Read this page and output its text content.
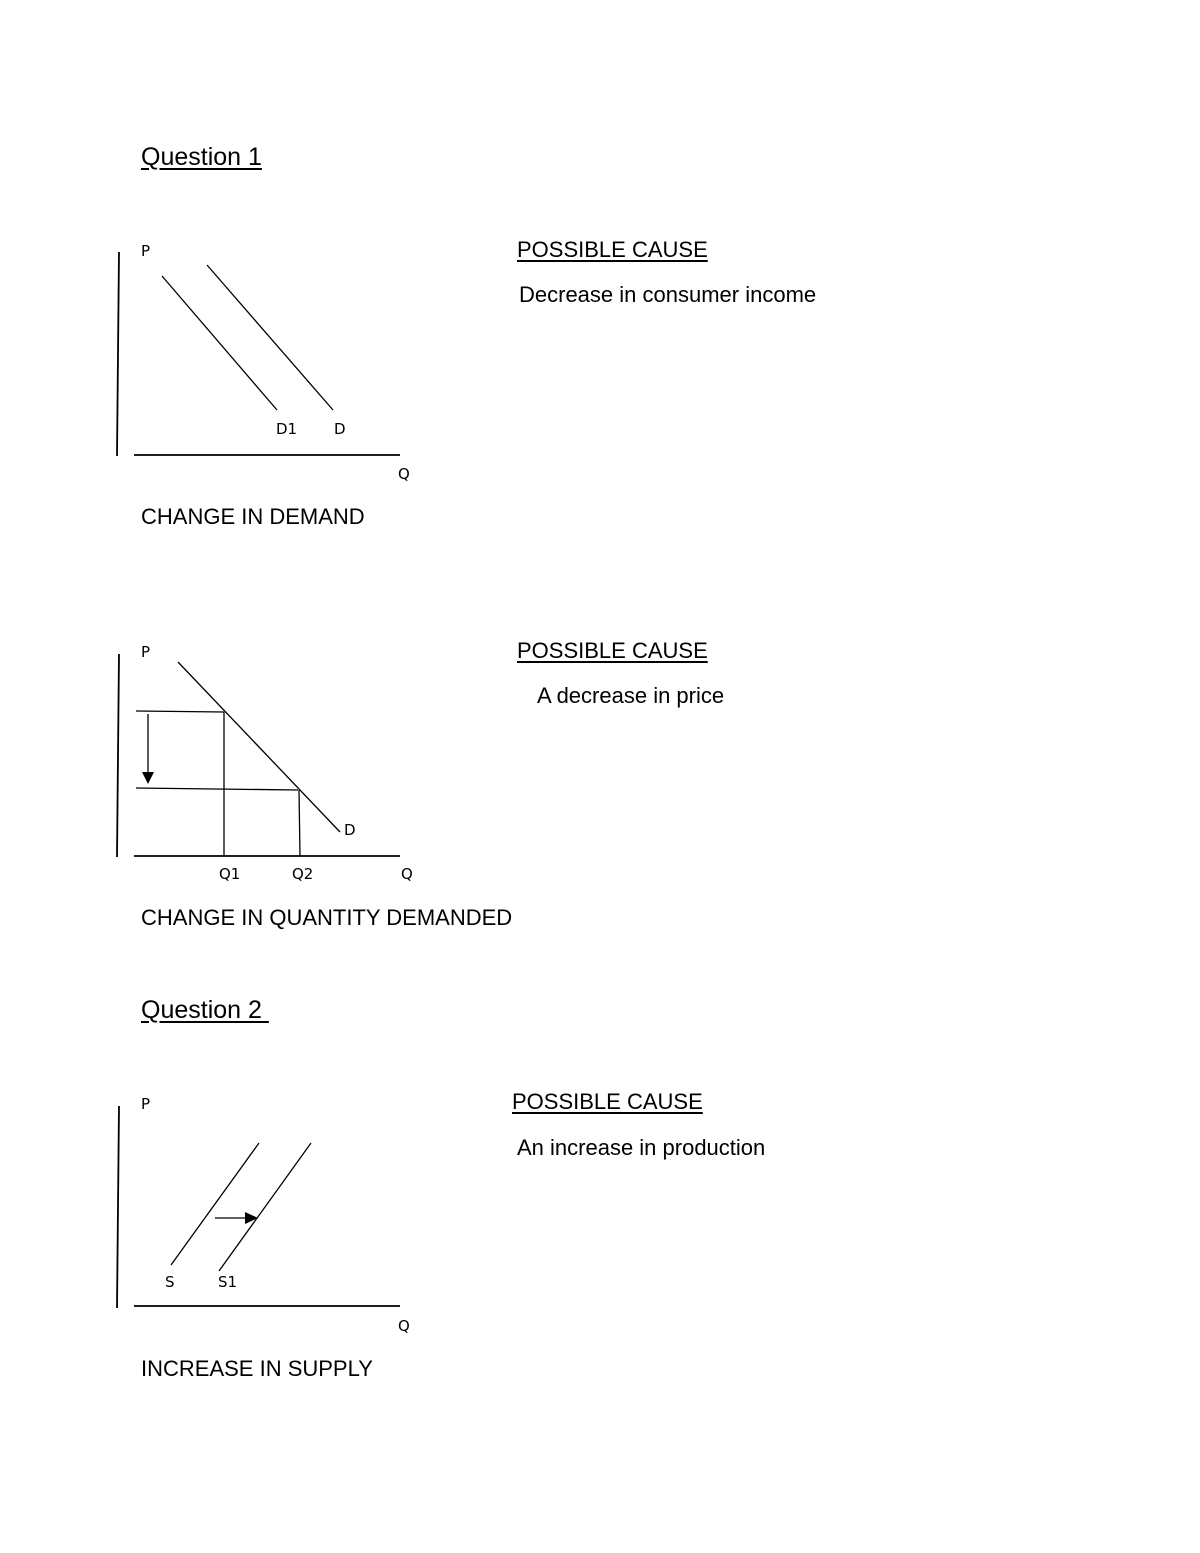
Question 1
P
Q
D1 D
POSSIBLE CAUSE
Decrease in consumer income
CHANGE IN DEMAND
P
Q
D
Q1	Q2
POSSIBLE CAUSE
A decrease in price
CHANGE IN QUANTITY DEMANDED
Question 2
P
Q
S	S1
POSSIBLE CAUSE
An increase in production
INCREASE IN SUPPLY
